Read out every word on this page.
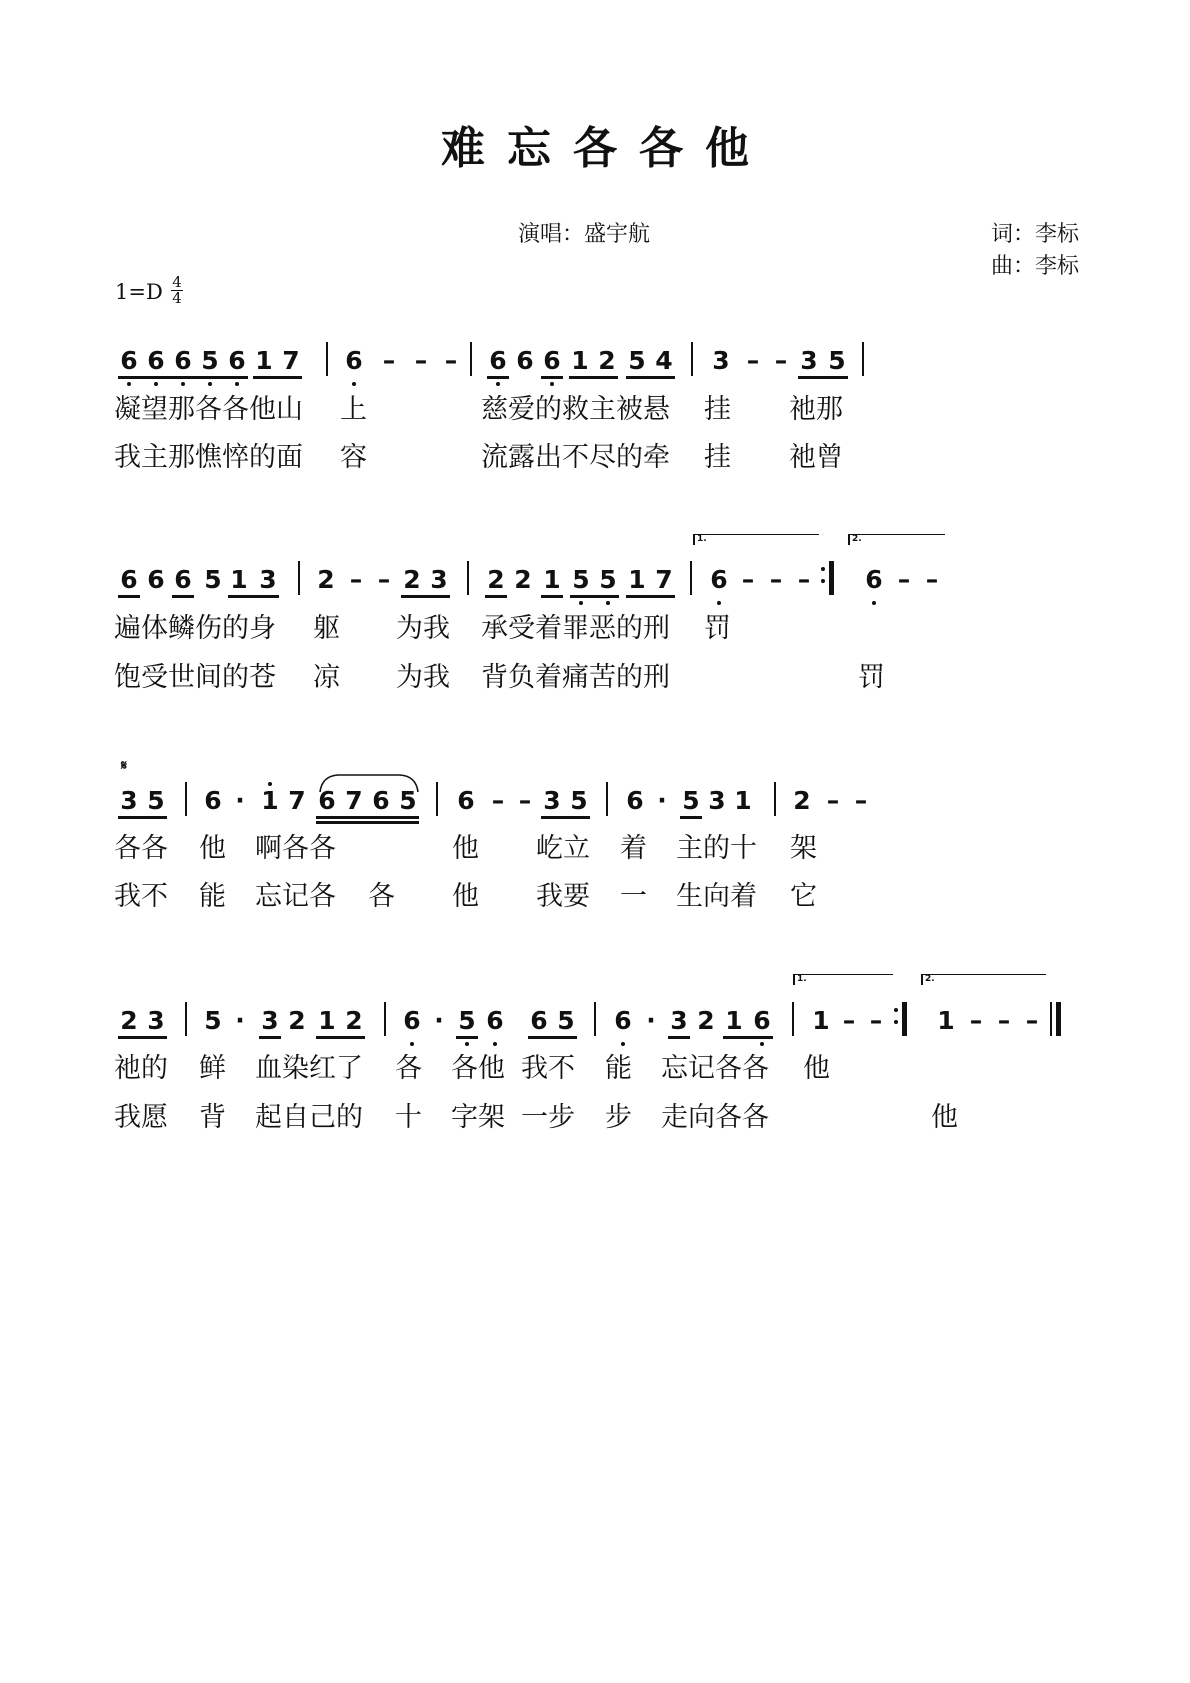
难忘各各他
演唱：盛宇航	词：李标
曲：李标
1=D 4
4
6 6 6 5 6 1 7 6 – – – 6 6 6 1 2 5 4 3 – – 3 5
凝望那各各他山 上	慈爱的救主被悬 挂 祂那
我主那憔悴的面 容	流露出不尽的牵 挂 祂曾
1.	2.
6 6 6 5 1 3 2 – – 2 3 2 2 1 5 5 1 7 6 – – – 6 – –
遍体鳞伤的身 躯 为我 承受着罪恶的刑 罚
饱受世间的苍 凉 为我 背负着痛苦的刑	罚
𝄋
3 5 6 · 1 7 6 7 6 5 6 – – 3 5 6 · 5 3 1 2 – –
各各 他 啊各各	他 屹立 着 主的十 架
我不 能 忘记各 各 他 我要 一 生向着 它
1.	2.
2 3 5 · 3 2 1 2 6 · 5 6 6 5 6 · 3 2 1 6 1 – – 1 – – –
祂的 鲜 血染红了 各 各他 我不 能 忘记各各 他
我愿 背 起自己的 十 字架 一步 步 走向各各	他
